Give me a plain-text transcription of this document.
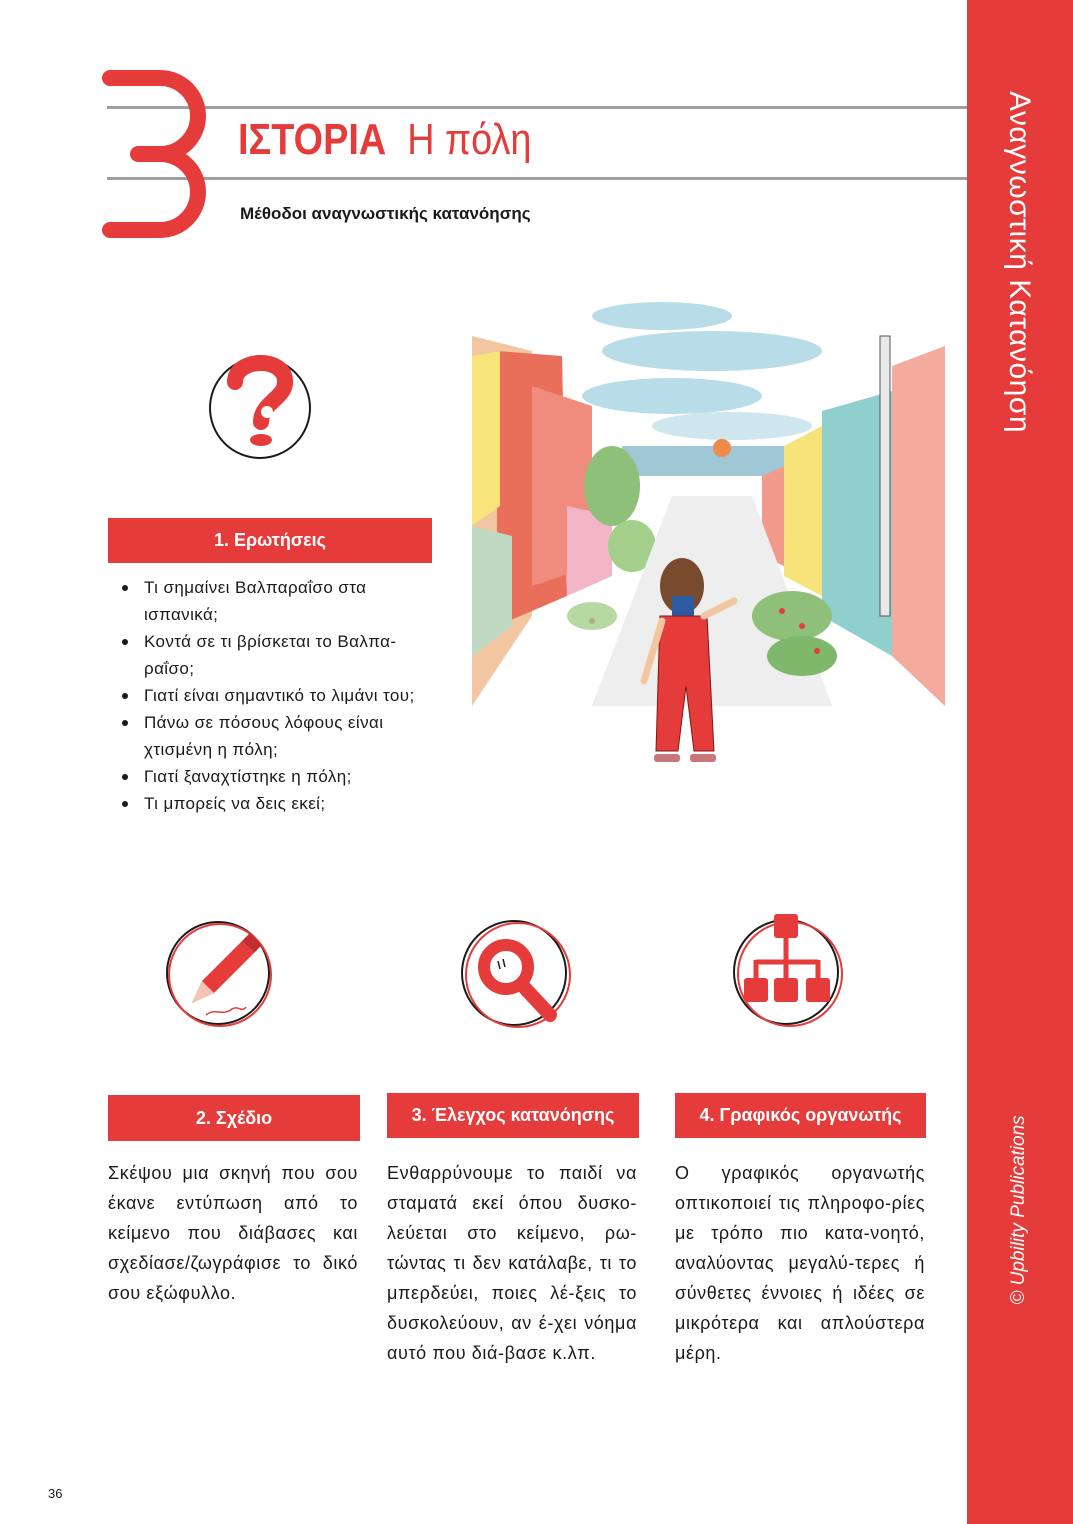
Αναγνωστική Κατανόηση
© Upbility Publications
ΙΣΤΟΡΙΑ Η πόλη
Μέθοδοι αναγνωστικής κατανόησης
1. Ερωτήσεις
Τι σημαίνει Βαλπαραΐσο στα ισπανικά;
Κοντά σε τι βρίσκεται το Βαλπα-ραΐσο;
Γιατί είναι σημαντικό το λιμάνι του;
Πάνω σε πόσους λόφους είναι χτισμένη η πόλη;
Γιατί ξαναχτίστηκε η πόλη;
Τι μπορείς να δεις εκεί;
2. Σχέδιο	3. Έλεγχος κατανόησης	4. Γραφικός οργανωτής
Σκέψου μια σκηνή που σου έκανε εντύπωση από το κείμενο που διάβασες και σχεδίασε/ζωγράφισε το δικό σου εξώφυλλο.
Ενθαρρύνουμε το παιδί να σταματά εκεί όπου δυσκο-λεύεται στο κείμενο, ρω-τώντας τι δεν κατάλαβε, τι το μπερδεύει, ποιες λέ-ξεις το δυσκολεύουν, αν έ-χει νόημα αυτό που διά-βασε κ.λπ.
Ο γραφικός οργανωτής οπτικοποιεί τις πληροφο-ρίες με τρόπο πιο κατα-νοητό, αναλύοντας μεγαλύ-τερες ή σύνθετες έννοιες ή ιδέες σε μικρότερα και απλούστερα μέρη.
36
